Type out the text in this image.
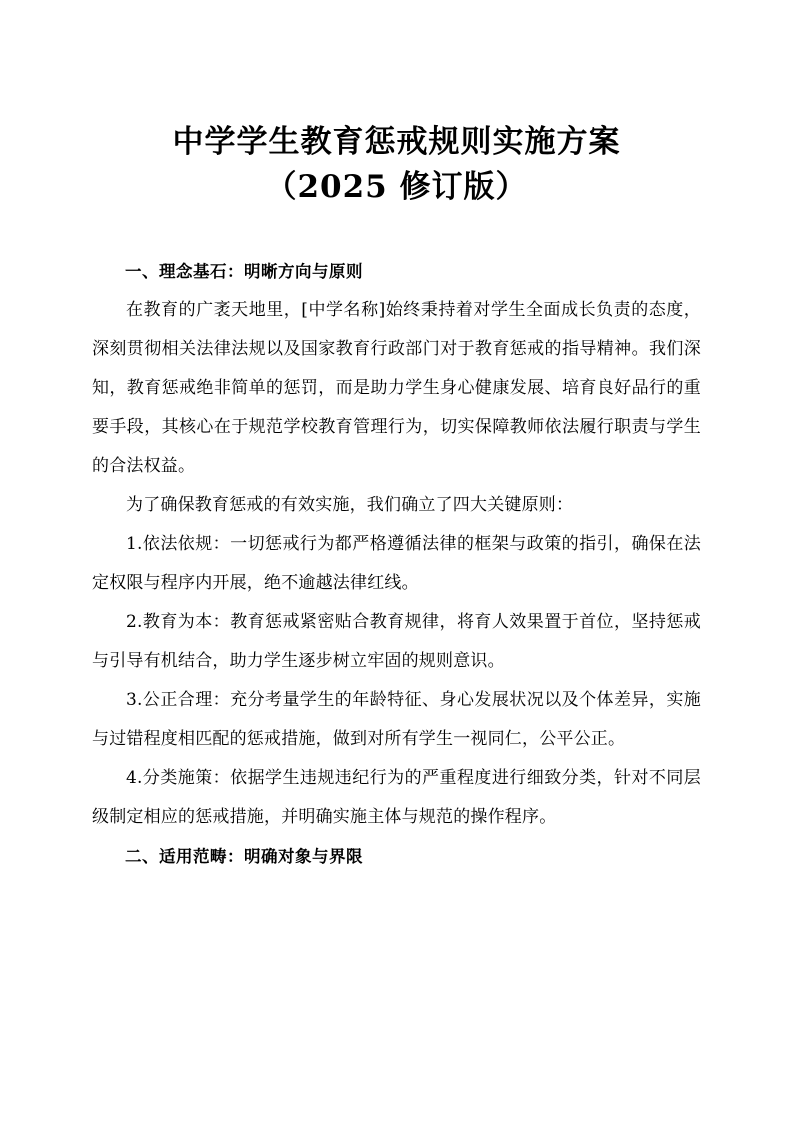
中学学生教育惩戒规则实施方案
（2025 修订版）

一、理念基石：明晰方向与原则

在教育的广袤天地里，[中学名称]始终秉持着对学生全面成长负责的态度，深刻贯彻相关法律法规以及国家教育行政部门对于教育惩戒的指导精神。我们深知，教育惩戒绝非简单的惩罚，而是助力学生身心健康发展、培育良好品行的重要手段，其核心在于规范学校教育管理行为，切实保障教师依法履行职责与学生的合法权益。

为了确保教育惩戒的有效实施，我们确立了四大关键原则：

1.依法依规：一切惩戒行为都严格遵循法律的框架与政策的指引，确保在法定权限与程序内开展，绝不逾越法律红线。

2.教育为本：教育惩戒紧密贴合教育规律，将育人效果置于首位，坚持惩戒与引导有机结合，助力学生逐步树立牢固的规则意识。

3.公正合理：充分考量学生的年龄特征、身心发展状况以及个体差异，实施与过错程度相匹配的惩戒措施，做到对所有学生一视同仁，公平公正。

4.分类施策：依据学生违规违纪行为的严重程度进行细致分类，针对不同层级制定相应的惩戒措施，并明确实施主体与规范的操作程序。

二、适用范畴：明确对象与界限
